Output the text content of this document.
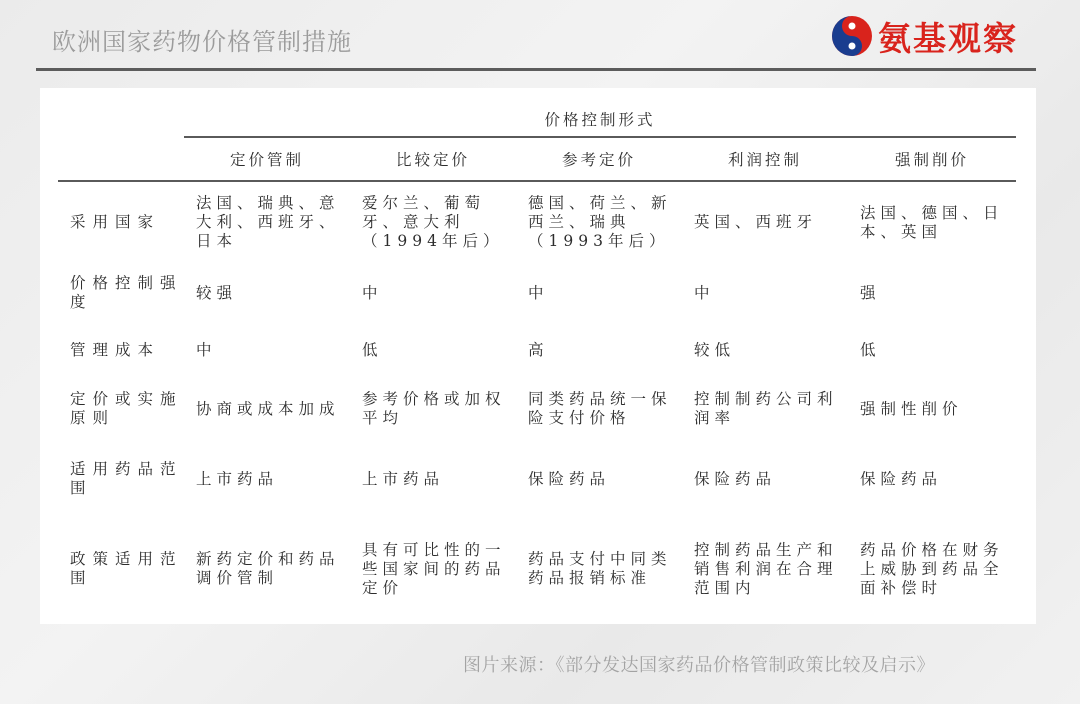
欧洲国家药物价格管制措施	氨基观察
	价格控制形式				
	定价管制	比较定价	参考定价	利润控制	强制削价
采用国家	法国、瑞典、意大利、西班牙、日本	爱尔兰、葡萄牙、意大利（1994年后）	德国、荷兰、新西兰、瑞典（1993年后）	英国、西班牙	法国、德国、日本、英国
价格控制强度	较强	中	中	中	强
管理成本	中	低	高	较低	低
定价或实施原则	协商或成本加成	参考价格或加权平均	同类药品统一保险支付价格	控制制药公司利润率	强制性削价
适用药品范围	上市药品	上市药品	保险药品	保险药品	保险药品
政策适用范围	新药定价和药品调价管制	具有可比性的一些国家间的药品定价	药品支付中同类药品报销标准	控制药品生产和销售利润在合理范围内	药品价格在财务上威胁到药品全面补偿时
图片来源：《部分发达国家药品价格管制政策比较及启示》
